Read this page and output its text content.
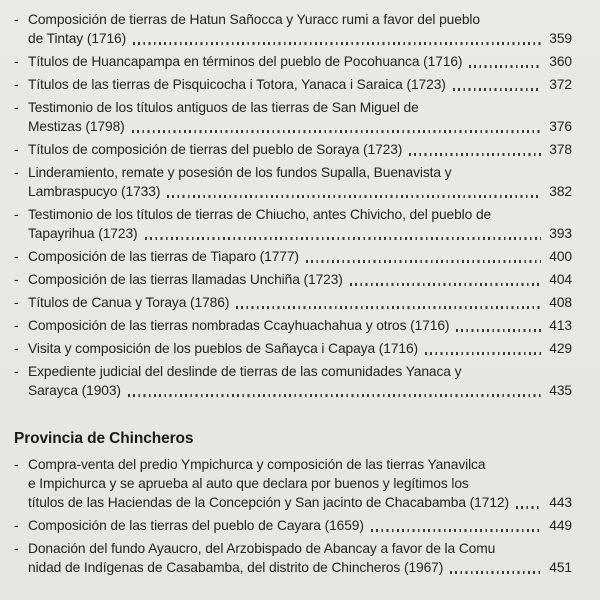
- Composición de tierras de Hatun Sañocca y Yuracc rumi a favor del pueblo
de Tintay (1716)	359
- Títulos de Huancapampa en términos del pueblo de Pocohuanca (1716)	360
- Títulos de las tierras de Pisquicocha i Totora, Yanaca i Saraica (1723)	372
- Testimonio de los títulos antiguos de las tierras de San Miguel de
Mestizas (1798)	376
- Títulos de composición de tierras del pueblo de Soraya (1723)	378
- Linderamiento, remate y posesión de los fundos Supalla, Buenavista y
Lambraspucyo (1733)	382
- Testimonio de los títulos de tierras de Chiucho, antes Chivicho, del pueblo de
Tapayrihua (1723)	393
- Composición de las tierras de Tiaparo (1777)	400
- Composición de las tierras llamadas Unchiña (1723)	404
- Títulos de Canua y Toraya (1786)	408
- Composición de las tierras nombradas Ccayhuachahua y otros (1716)	413
- Visita y composición de los pueblos de Sañayca i Capaya (1716)	429
- Expediente judicial del deslinde de tierras de las comunidades Yanaca y
Sarayca (1903)	435
Provincia de Chincheros
- Compra-venta del predio Ympichurca y composición de las tierras Yanavilca
e Impichurca y se aprueba al auto que declara por buenos y legítimos los
títulos de las Haciendas de la Concepción y San jacinto de Chacabamba (1712)	443
- Composición de las tierras del pueblo de Cayara (1659)	449
- Donación del fundo Ayaucro, del Arzobispado de Abancay a favor de la Comu
nidad de Indígenas de Casabamba, del distrito de Chincheros (1967)	451
